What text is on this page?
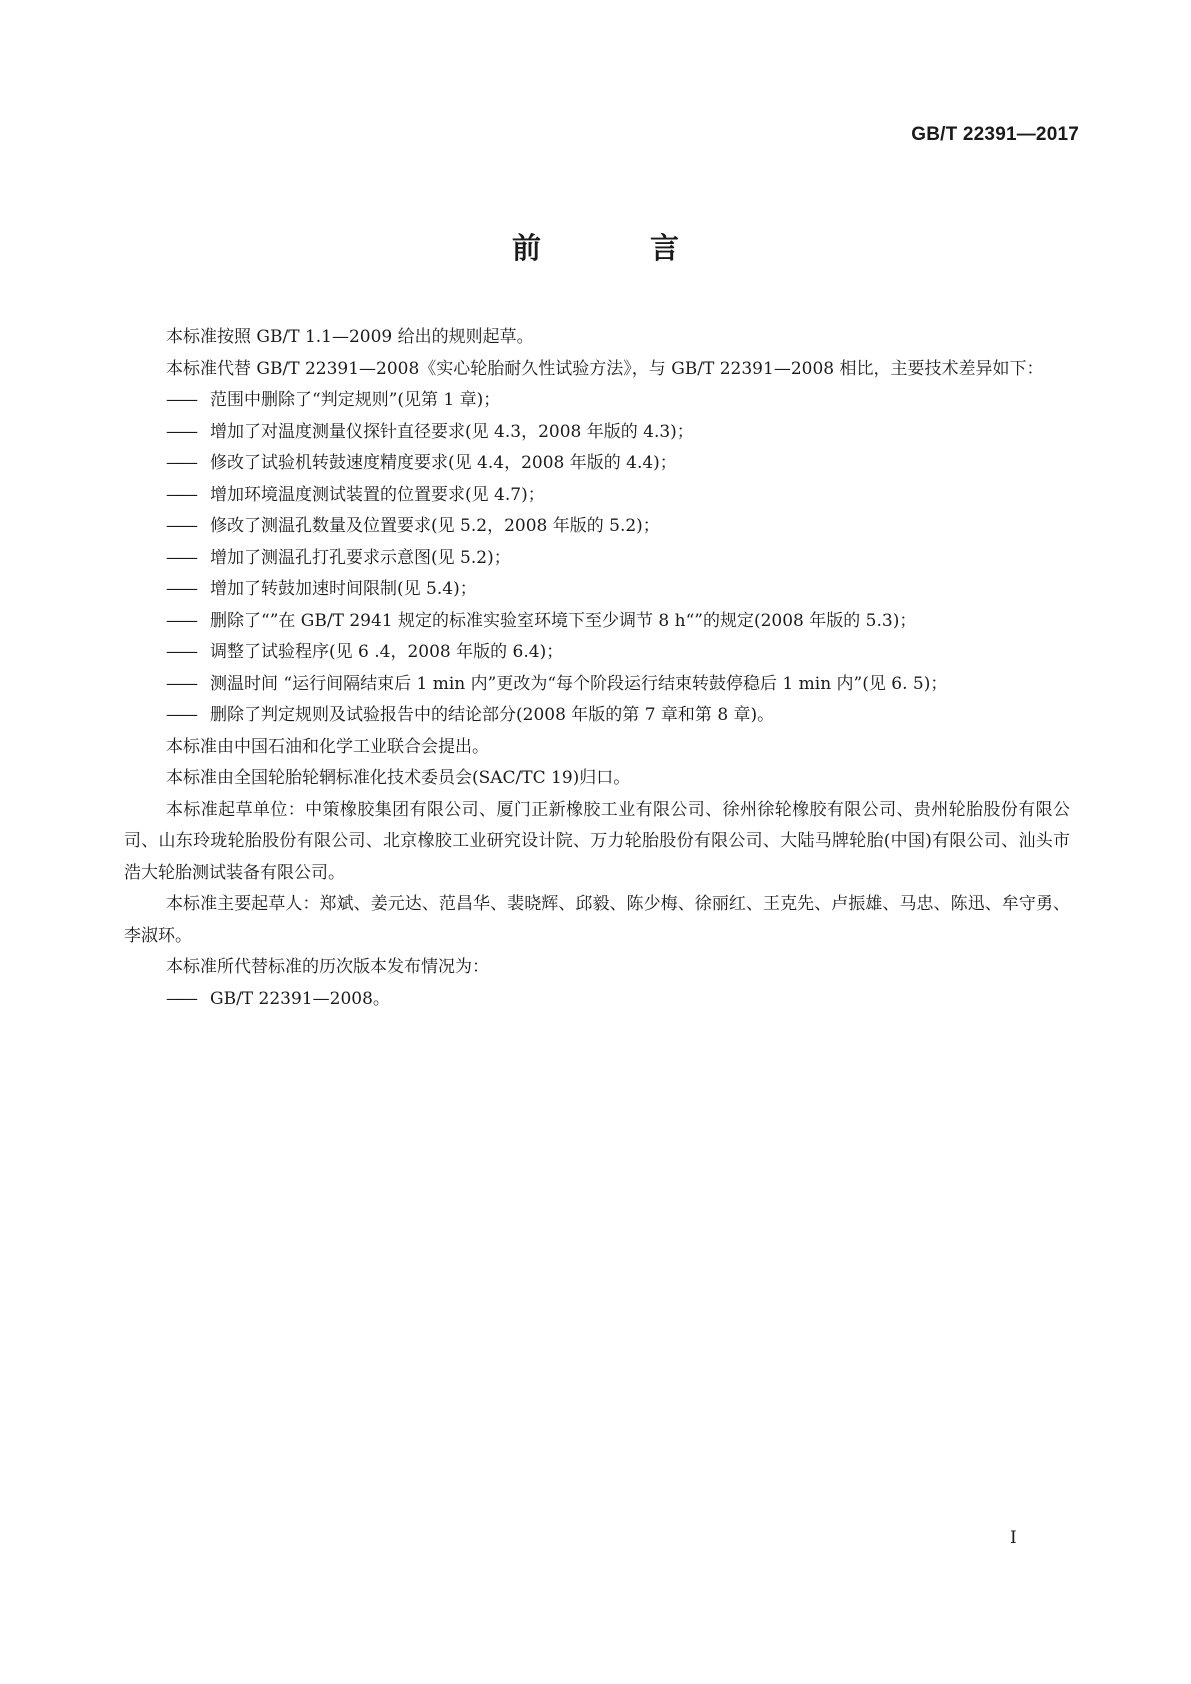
GB/T 22391—2017
前　言
本标准按照 GB/T 1.1—2009 给出的规则起草。
本标准代替 GB/T 22391—2008《实心轮胎耐久性试验方法》，与 GB/T 22391—2008 相比，主要技术差异如下：
—— 范围中删除了“判定规则”(见第 1 章)；
—— 增加了对温度测量仪探针直径要求(见 4.3，2008 年版的 4.3)；
—— 修改了试验机转鼓速度精度要求(见 4.4，2008 年版的 4.4)；
—— 增加环境温度测试装置的位置要求(见 4.7)；
—— 修改了测温孔数量及位置要求(见 5.2，2008 年版的 5.2)；
—— 增加了测温孔打孔要求示意图(见 5.2)；
—— 增加了转鼓加速时间限制(见 5.4)；
—— 删除了“”在 GB/T 2941 规定的标准实验室环境下至少调节 8 h“”的规定(2008 年版的 5.3)；
—— 调整了试验程序(见 6 .4，2008 年版的 6.4)；
—— 测温时间 “运行间隔结束后 1 min 内”更改为“每个阶段运行结束转鼓停稳后 1 min 内”(见 6. 5)；
—— 删除了判定规则及试验报告中的结论部分(2008 年版的第 7 章和第 8 章)。
本标准由中国石油和化学工业联合会提出。
本标准由全国轮胎轮辋标准化技术委员会(SAC/TC 19)归口。
本标准起草单位：中策橡胶集团有限公司、厦门正新橡胶工业有限公司、徐州徐轮橡胶有限公司、贵州轮胎股份有限公司、山东玲珑轮胎股份有限公司、北京橡胶工业研究设计院、万力轮胎股份有限公司、大陆马牌轮胎(中国)有限公司、汕头市浩大轮胎测试装备有限公司。
本标准主要起草人：郑斌、姜元达、范昌华、裴晓辉、邱毅、陈少梅、徐丽红、王克先、卢振雄、马忠、陈迅、牟守勇、李淑环。
本标准所代替标准的历次版本发布情况为：
—— GB/T 22391—2008。
I
